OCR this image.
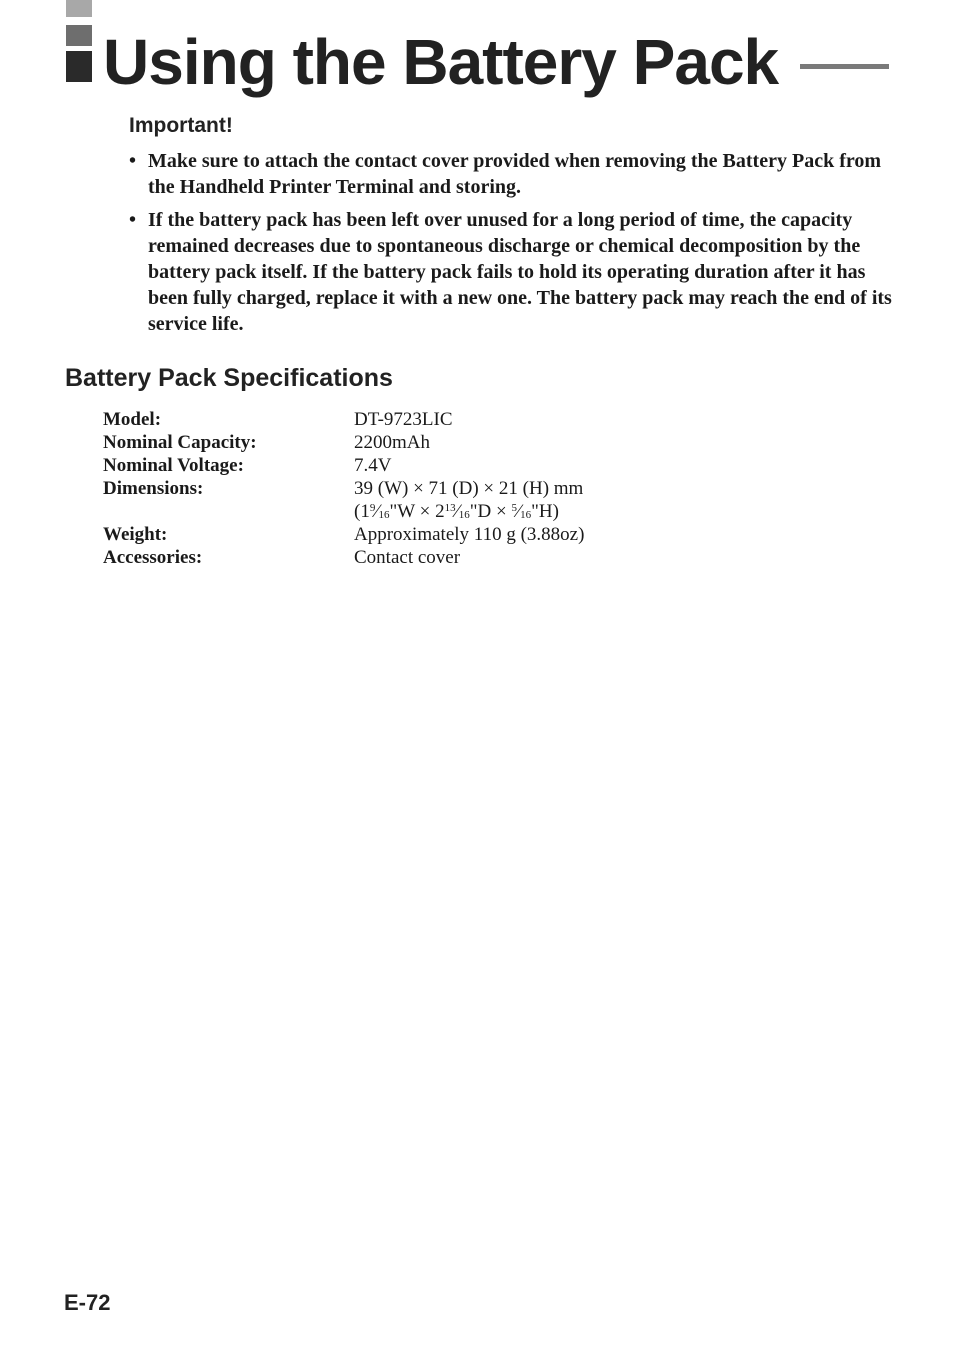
Using the Battery Pack
Important!
• Make sure to attach the contact cover provided when removing the Battery Pack from the Handheld Printer Terminal and storing.
• If the battery pack has been left over unused for a long period of time, the capacity remained decreases due to spontaneous discharge or chemical decomposition by the battery pack itself. If the battery pack fails to hold its operating duration after it has been fully charged, replace it with a new one. The battery pack may reach the end of its service life.
Battery Pack Specifications
Model:	DT-9723LIC
Nominal Capacity:	2200mAh
Nominal Voltage:	7.4V
Dimensions:	39 (W) × 71 (D) × 21 (H) mm
($1^9⁄_{16}"W$ × $2^{13}⁄_{16}"D$ × $^5⁄_{16}"H$)
Weight:	Approximately 110 g (3.88oz)
Accessories:	Contact cover
E-72
